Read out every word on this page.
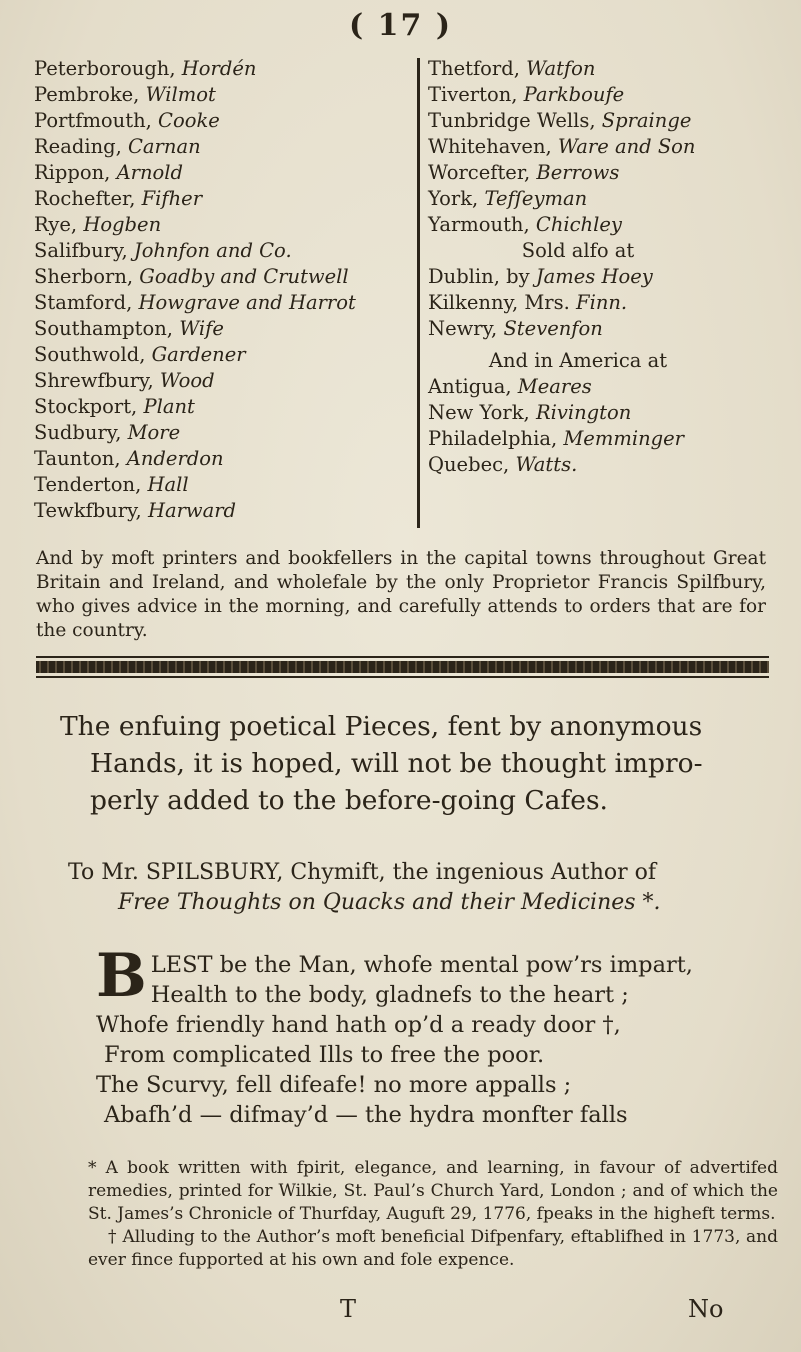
( 17 )
Peterborough, Hordén
Pembroke, Wilmot
Portfmouth, Cooke
Reading, Carnan
Rippon, Arnold
Rochefter, Fifher
Rye, Hogben
Salifbury, Johnfon and Co.
Sherborn, Goadby and Crutwell
Stamford, Howgrave and Harrot
Southampton, Wife
Southwold, Gardener
Shrewfbury, Wood
Stockport, Plant
Sudbury, More
Taunton, Anderdon
Tenderton, Hall
Tewkfbury, Harward
Thetford, Watfon
Tiverton, Parkboufe
Tunbridge Wells, Spraingе
Whitehaven, Ware and Son
Worcefter, Berrows
York, Tefſeyman
Yarmouth, Chichley
Sold alfo at
Dublin, by James Hoey
Kilkenny, Mrs. Finn.
Newry, Stevenfon
And in America at
Antigua, Meares
New York, Rivington
Philadelphia, Memminger
Quebec, Watts.
And by moft printers and bookfellers in the capital towns throughout Great Britain and Ireland, and wholefale by the only Proprietor Francis Spilfbury, who gives advice in the morning, and carefully attends to orders that are for the country.
The enfuing poetical Pieces, fent by anonymous
Hands, it is hoped, will not be thought impro-
perly added to the before-going Cafes.
To Mr. SPILSBURY, Chymift, the ingenious Author of
Free Thoughts on Quacks and their Medicines *.
B LEST be the Man, whofe mental pow’rs impart,
Health to the body, gladnefs to the heart ;
Whofe friendly hand hath op’d a ready door †,
From complicated Ills to free the poor.
The Scurvy, fell difeafe! no more appalls ;
Abafh’d — difmay’d — the hydra monfter falls

* A book written with fpirit, elegance, and learning, in favour of advertifed remedies, printed for Wilkie, St. Paul’s Church Yard, London ; and of which the St. James’s Chronicle of Thurfday, Auguft 29, 1776, fpeaks in the higheft terms.

† Alluding to the Author’s moft beneficial Difpenfary, eftablifhed in 1773, and ever fince fupported at his own and fole expence.

T	No
